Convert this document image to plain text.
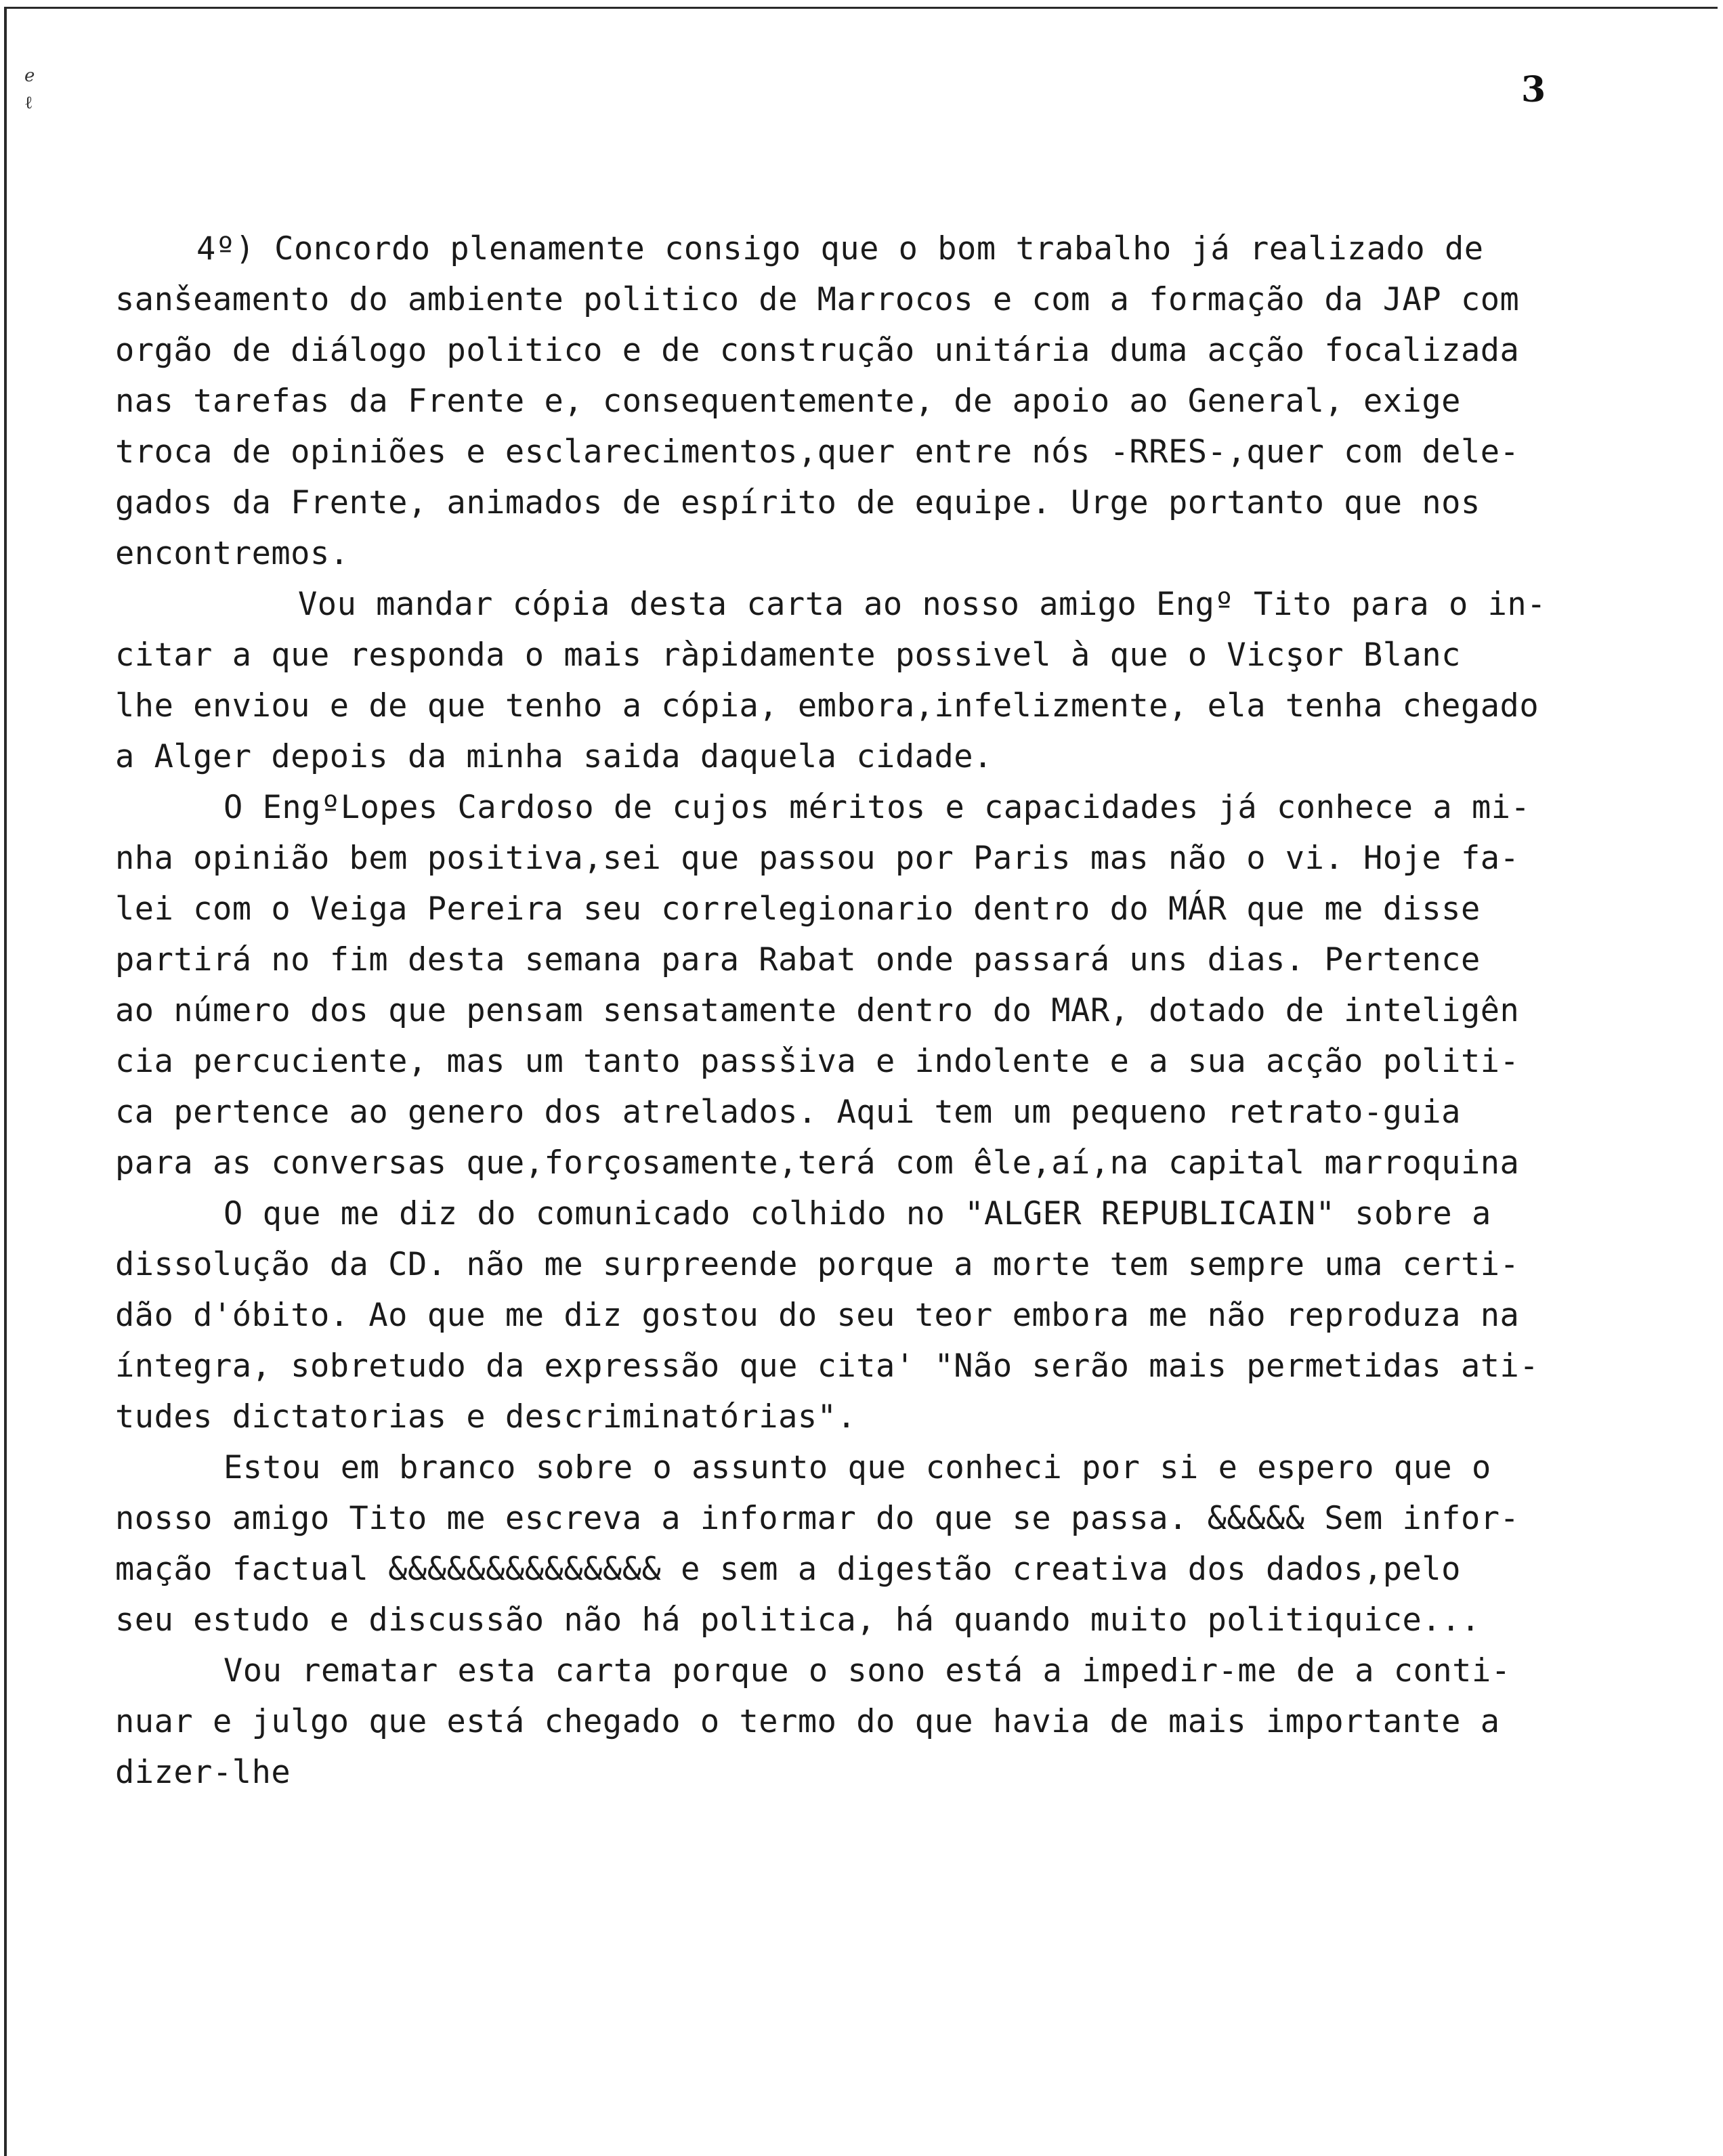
ℯ
ℓ	3
4º) Concordo plenamente consigo que o bom trabalho já realizado de
sanšeamento do ambiente politico de Marrocos e com a formação da JAP com
orgão de diálogo politico e de construção unitária duma acção focalizada
nas tarefas da Frente e, consequentemente, de apoio ao General, exige
troca de opiniões e esclarecimentos,quer entre nós -RRES-,quer com dele-
gados da Frente, animados de espírito de equipe. Urge portanto que nos
encontremos.
Vou mandar cópia desta carta ao nosso amigo Engº Tito para o in-
citar a que responda o mais ràpidamente possivel à que o Vicşor Blanc
lhe enviou e de que tenho a cópia, embora,infelizmente, ela tenha chegado
a Alger depois da minha saida daquela cidade.
O EngºLopes Cardoso de cujos méritos e capacidades já conhece a mi-
nha opinião bem positiva,sei que passou por Paris mas não o vi. Hoje fa-
lei com o Veiga Pereira seu correlegionario dentro do MÁR que me disse
partirá no fim desta semana para Rabat onde passará uns dias. Pertence
ao número dos que pensam sensatamente dentro do MAR, dotado de inteligên
cia percuciente, mas um tanto passšiva e indolente e a sua acção politi-
ca pertence ao genero dos atrelados. Aqui tem um pequeno retrato-guia
para as conversas que,forçosamente,terá com êle,aí,na capital marroquina
O que me diz do comunicado colhido no "ALGER REPUBLICAIN" sobre a
dissolução da CD. não me surpreende porque a morte tem sempre uma certi-
dão d'óbito. Ao que me diz gostou do seu teor embora me não reproduza na
íntegra, sobretudo da expressão que cita' "Não serão mais permetidas ati-
tudes dictatorias e descriminatórias".
Estou em branco sobre o assunto que conheci por si e espero que o
nosso amigo Tito me escreva a informar do que se passa. &&&&& Sem infor-
mação factual &&&&&&&&&&&&&& e sem a digestão creativa dos dados,pelo
seu estudo e discussão não há politica, há quando muito politiquice...
Vou rematar esta carta porque o sono está a impedir-me de a conti-
nuar e julgo que está chegado o termo do que havia de mais importante a
dizer-lhe
